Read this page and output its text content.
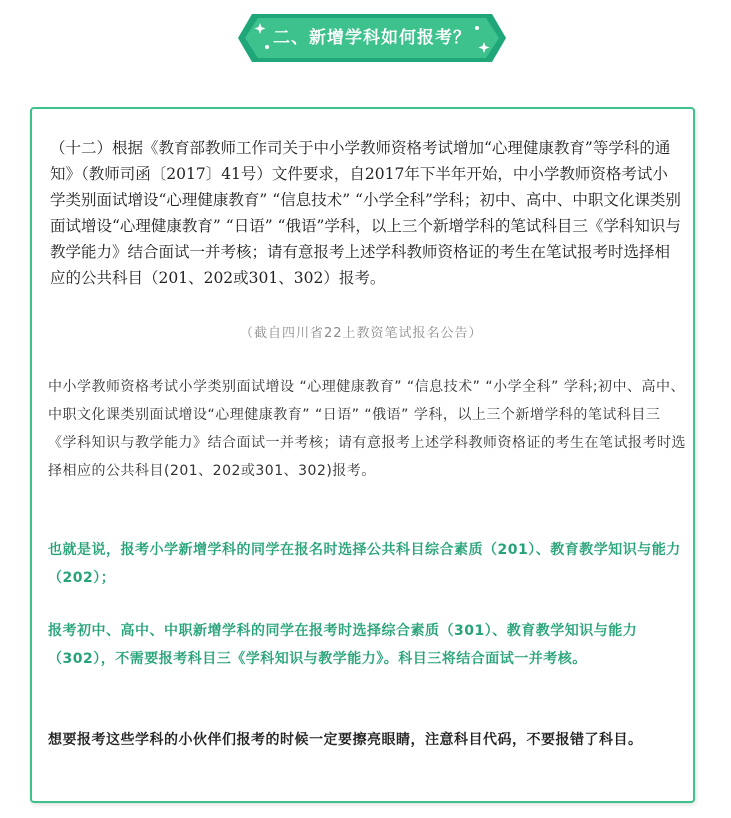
二、新增学科如何报考？

（十二）根据《教育部教师工作司关于中小学教师资格考试增加“心理健康教育”等学科的通知》（教师司函〔2017〕41号）文件要求，自2017年下半年开始，中小学教师资格考试小学类别面试增设“心理健康教育” “信息技术” “小学全科”学科；初中、高中、中职文化课类别面试增设“心理健康教育” “日语” “俄语”学科，以上三个新增学科的笔试科目三《学科知识与教学能力》结合面试一并考核；请有意报考上述学科教师资格证的考生在笔试报考时选择相应的公共科目（201、202或301、302）报考。

（截自四川省22上教资笔试报名公告）

中小学教师资格考试小学类别面试增设 “心理健康教育” “信息技术” “小学全科” 学科;初中、高中、中职文化课类别面试增设“心理健康教育” “日语” “俄语” 学科，以上三个新增学科的笔试科目三《学科知识与教学能力》结合面试一并考核；请有意报考上述学科教师资格证的考生在笔试报考时选择相应的公共科目(201、202或301、302)报考。

也就是说，报考小学新增学科的同学在报名时选择公共科目综合素质（201）、教育教学知识与能力（202）；

报考初中、高中、中职新增学科的同学在报考时选择综合素质（301）、教育教学知识与能力（302），不需要报考科目三《学科知识与教学能力》。科目三将结合面试一并考核。

想要报考这些学科的小伙伴们报考的时候一定要擦亮眼睛，注意科目代码，不要报错了科目。
